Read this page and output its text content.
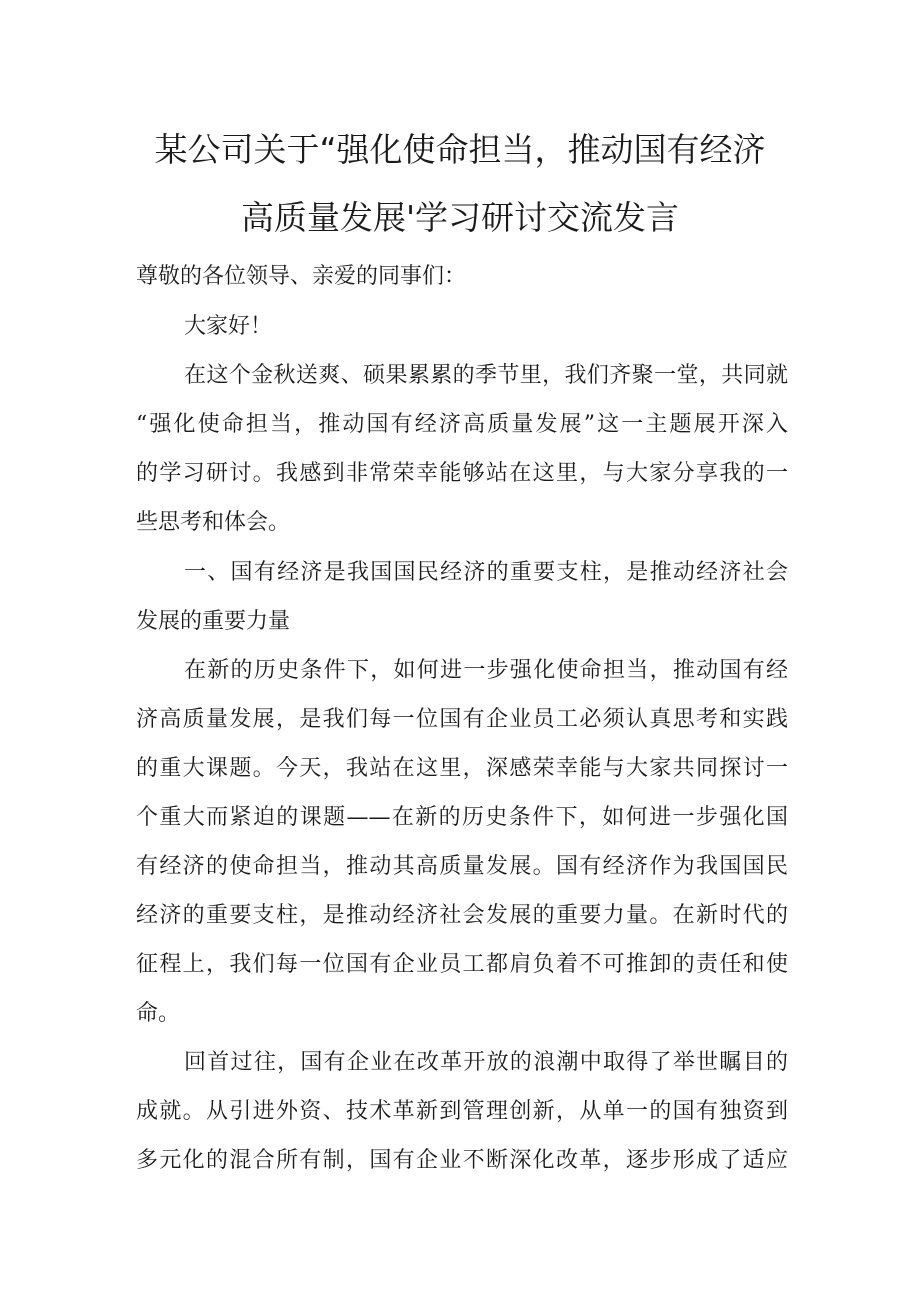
某公司关于“强化使命担当，推动国有经济
高质量发展'学习研讨交流发言
尊敬的各位领导、亲爱的同事们：
大家好！
在这个金秋送爽、硕果累累的季节里，我们齐聚一堂，共同就
“强化使命担当，推动国有经济高质量发展”这一主题展开深入
的学习研讨。我感到非常荣幸能够站在这里，与大家分享我的一
些思考和体会。
一、国有经济是我国国民经济的重要支柱，是推动经济社会
发展的重要力量
在新的历史条件下，如何进一步强化使命担当，推动国有经
济高质量发展，是我们每一位国有企业员工必须认真思考和实践
的重大课题。今天，我站在这里，深感荣幸能与大家共同探讨一
个重大而紧迫的课题——在新的历史条件下，如何进一步强化国
有经济的使命担当，推动其高质量发展。国有经济作为我国国民
经济的重要支柱，是推动经济社会发展的重要力量。在新时代的
征程上，我们每一位国有企业员工都肩负着不可推卸的责任和使
命。
回首过往，国有企业在改革开放的浪潮中取得了举世瞩目的
成就。从引进外资、技术革新到管理创新，从单一的国有独资到
多元化的混合所有制，国有企业不断深化改革，逐步形成了适应
